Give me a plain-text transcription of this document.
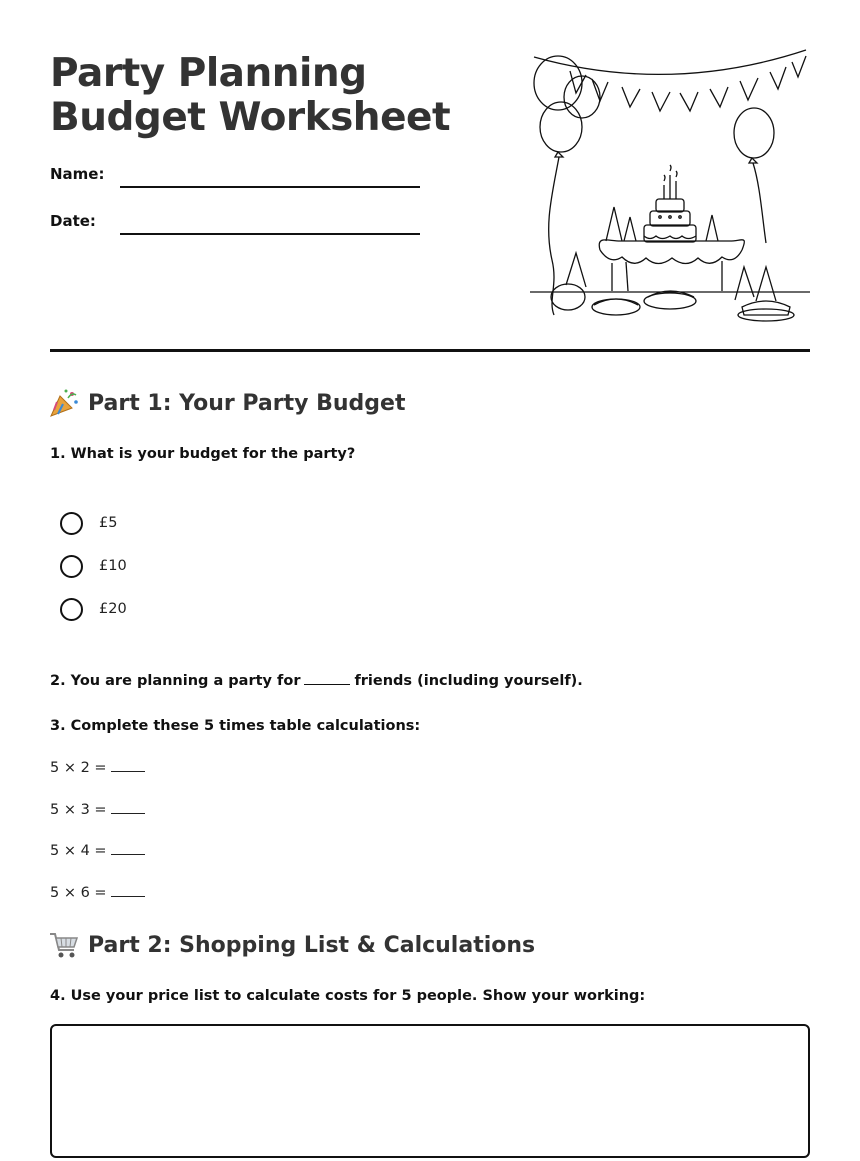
Party Planning Budget Worksheet
Name:
Date:
Part 1: Your Party Budget

1. What is your budget for the party?

£5
£10
£20

2. You are planning a party for	friends (including yourself).

3. Complete these 5 times table calculations:

5 × 2 =
5 × 3 =
5 × 4 =
5 × 6 =
Part 2: Shopping List & Calculations

4. Use your price list to calculate costs for 5 people. Show your working:
